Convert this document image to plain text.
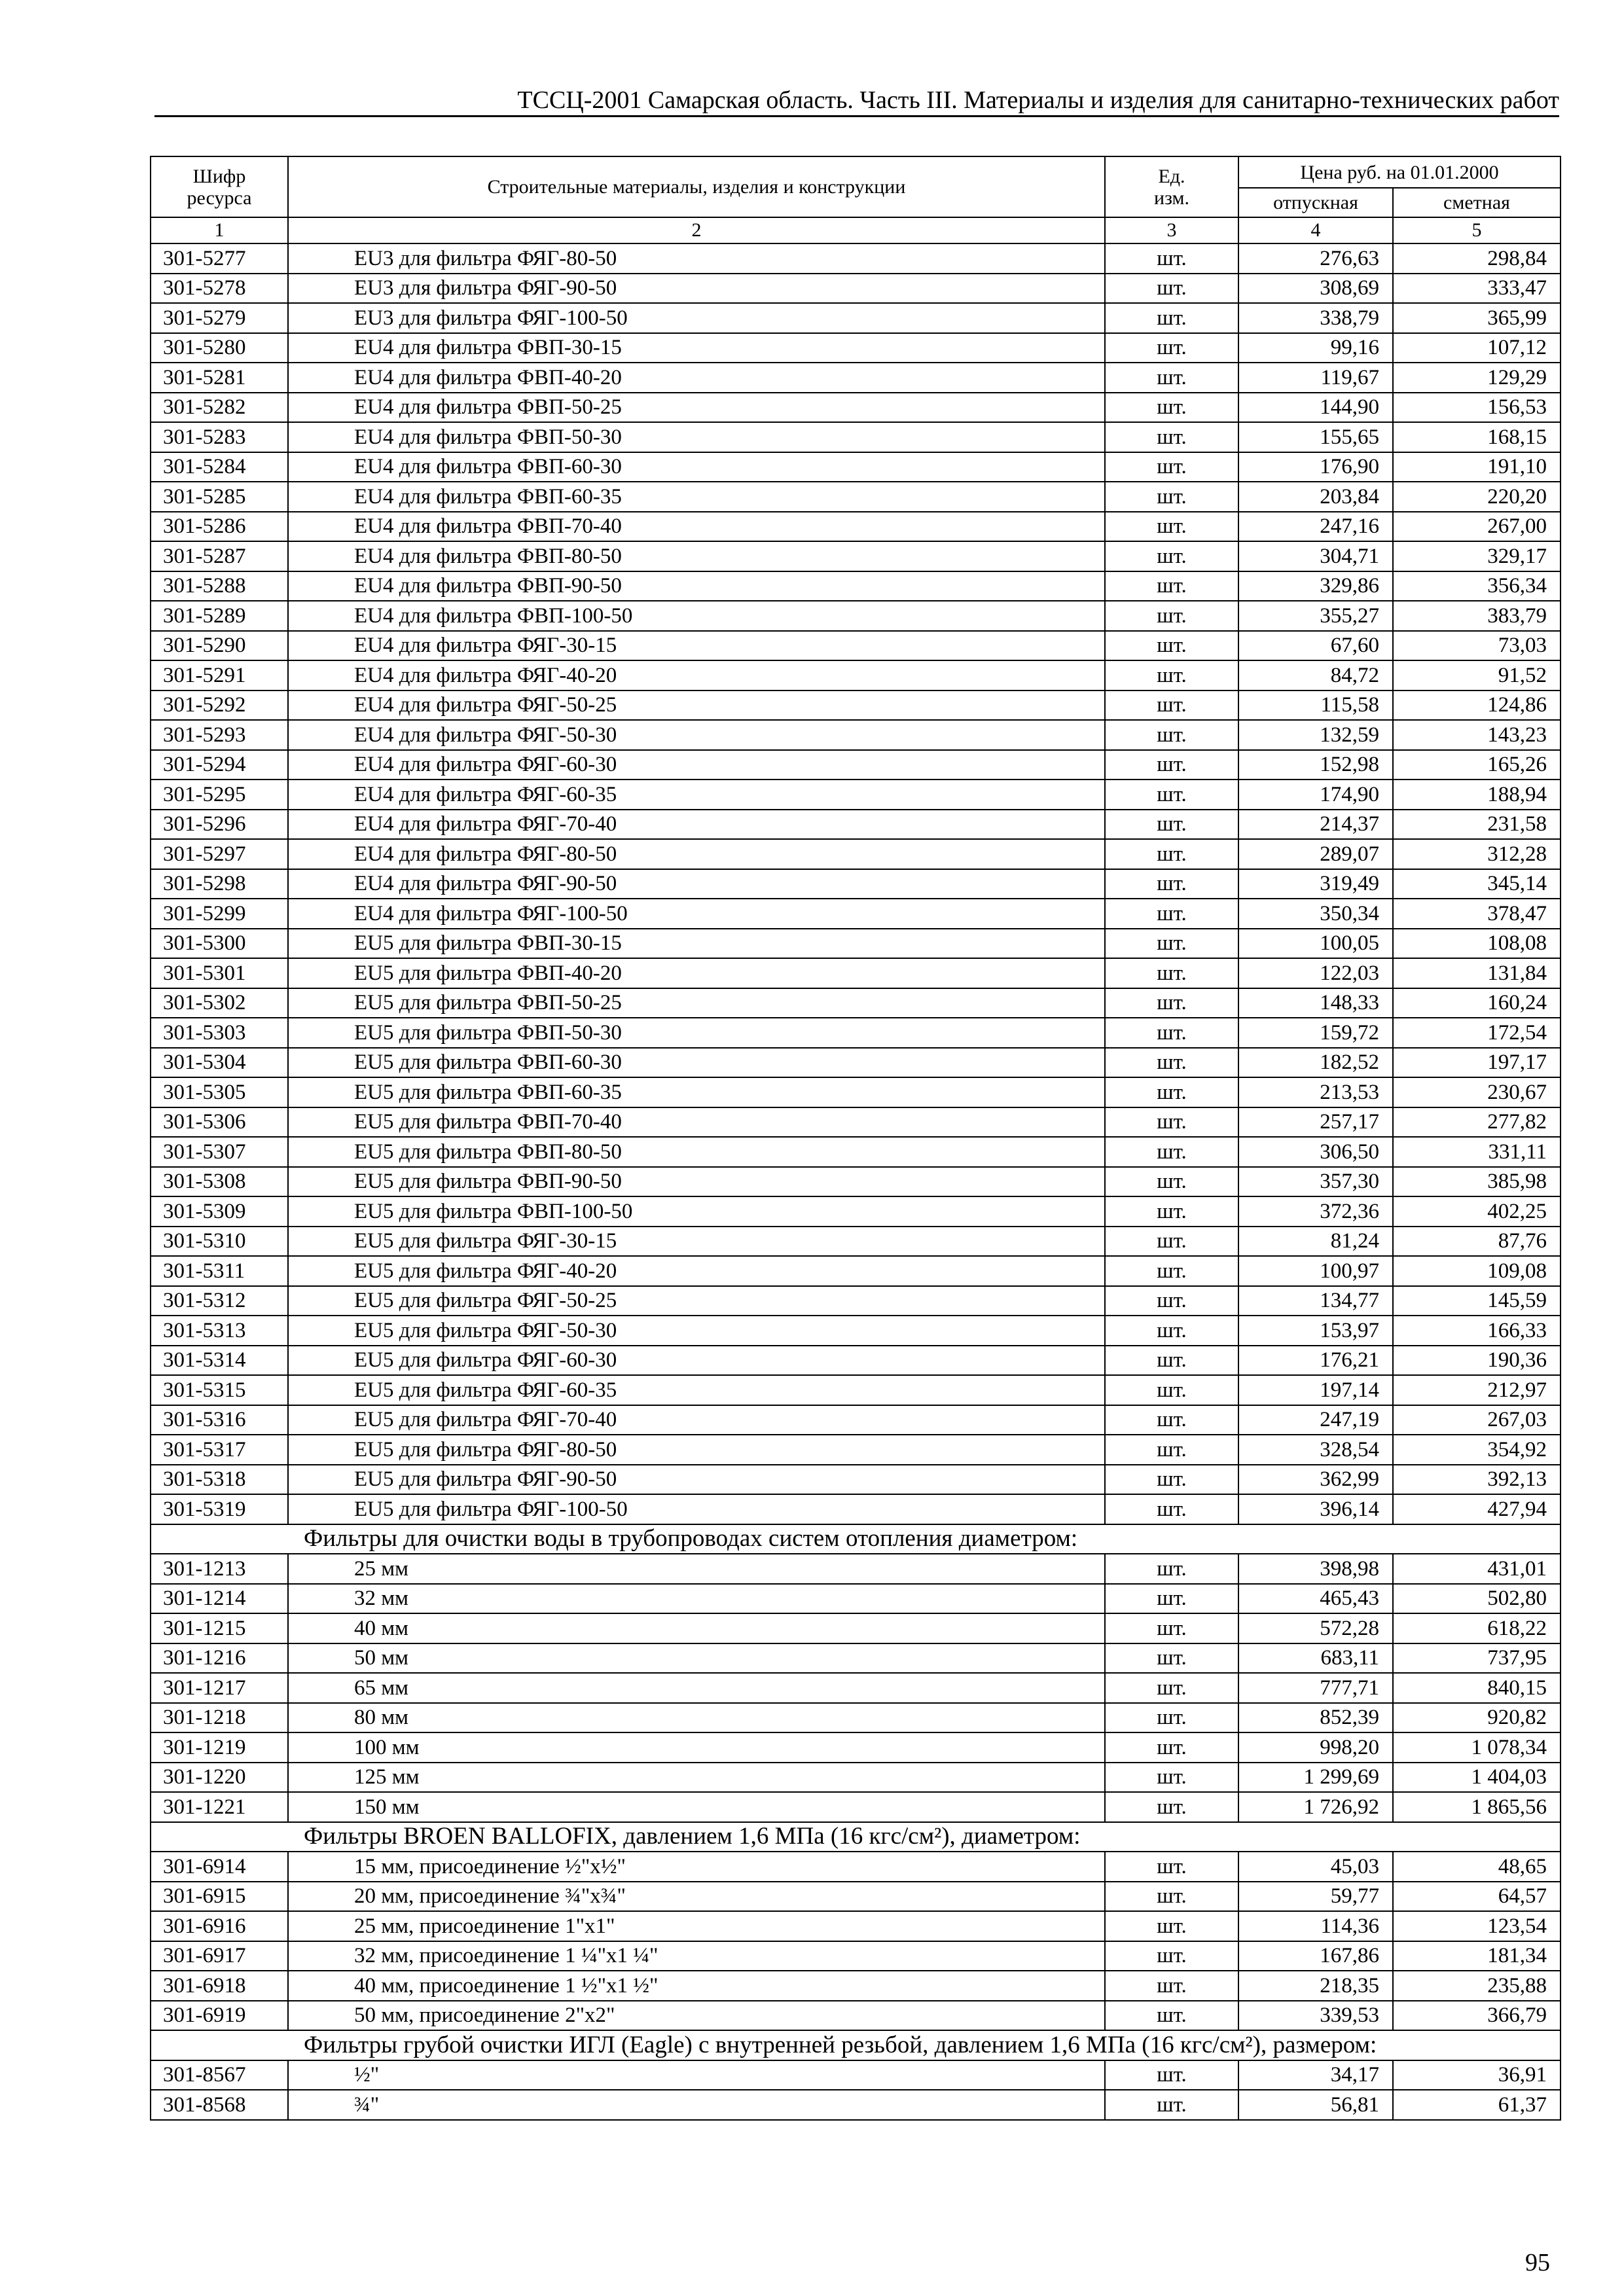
ТССЦ-2001 Самарская область. Часть III. Материалы и изделия для санитарно-технических работ
Шифр
ресурса	Строительные материалы, изделия и конструкции	Ед.
изм.	Цена руб. на 01.01.2000	
			отпускная	сметная
1	2	3	4	5
301-5277	EU3 для фильтра ФЯГ-80-50	шт.	276,63	298,84
301-5278	EU3 для фильтра ФЯГ-90-50	шт.	308,69	333,47
301-5279	EU3 для фильтра ФЯГ-100-50	шт.	338,79	365,99
301-5280	EU4 для фильтра ФВП-30-15	шт.	99,16	107,12
301-5281	EU4 для фильтра ФВП-40-20	шт.	119,67	129,29
301-5282	EU4 для фильтра ФВП-50-25	шт.	144,90	156,53
301-5283	EU4 для фильтра ФВП-50-30	шт.	155,65	168,15
301-5284	EU4 для фильтра ФВП-60-30	шт.	176,90	191,10
301-5285	EU4 для фильтра ФВП-60-35	шт.	203,84	220,20
301-5286	EU4 для фильтра ФВП-70-40	шт.	247,16	267,00
301-5287	EU4 для фильтра ФВП-80-50	шт.	304,71	329,17
301-5288	EU4 для фильтра ФВП-90-50	шт.	329,86	356,34
301-5289	EU4 для фильтра ФВП-100-50	шт.	355,27	383,79
301-5290	EU4 для фильтра ФЯГ-30-15	шт.	67,60	73,03
301-5291	EU4 для фильтра ФЯГ-40-20	шт.	84,72	91,52
301-5292	EU4 для фильтра ФЯГ-50-25	шт.	115,58	124,86
301-5293	EU4 для фильтра ФЯГ-50-30	шт.	132,59	143,23
301-5294	EU4 для фильтра ФЯГ-60-30	шт.	152,98	165,26
301-5295	EU4 для фильтра ФЯГ-60-35	шт.	174,90	188,94
301-5296	EU4 для фильтра ФЯГ-70-40	шт.	214,37	231,58
301-5297	EU4 для фильтра ФЯГ-80-50	шт.	289,07	312,28
301-5298	EU4 для фильтра ФЯГ-90-50	шт.	319,49	345,14
301-5299	EU4 для фильтра ФЯГ-100-50	шт.	350,34	378,47
301-5300	EU5 для фильтра ФВП-30-15	шт.	100,05	108,08
301-5301	EU5 для фильтра ФВП-40-20	шт.	122,03	131,84
301-5302	EU5 для фильтра ФВП-50-25	шт.	148,33	160,24
301-5303	EU5 для фильтра ФВП-50-30	шт.	159,72	172,54
301-5304	EU5 для фильтра ФВП-60-30	шт.	182,52	197,17
301-5305	EU5 для фильтра ФВП-60-35	шт.	213,53	230,67
301-5306	EU5 для фильтра ФВП-70-40	шт.	257,17	277,82
301-5307	EU5 для фильтра ФВП-80-50	шт.	306,50	331,11
301-5308	EU5 для фильтра ФВП-90-50	шт.	357,30	385,98
301-5309	EU5 для фильтра ФВП-100-50	шт.	372,36	402,25
301-5310	EU5 для фильтра ФЯГ-30-15	шт.	81,24	87,76
301-5311	EU5 для фильтра ФЯГ-40-20	шт.	100,97	109,08
301-5312	EU5 для фильтра ФЯГ-50-25	шт.	134,77	145,59
301-5313	EU5 для фильтра ФЯГ-50-30	шт.	153,97	166,33
301-5314	EU5 для фильтра ФЯГ-60-30	шт.	176,21	190,36
301-5315	EU5 для фильтра ФЯГ-60-35	шт.	197,14	212,97
301-5316	EU5 для фильтра ФЯГ-70-40	шт.	247,19	267,03
301-5317	EU5 для фильтра ФЯГ-80-50	шт.	328,54	354,92
301-5318	EU5 для фильтра ФЯГ-90-50	шт.	362,99	392,13
301-5319	EU5 для фильтра ФЯГ-100-50	шт.	396,14	427,94
Фильтры для очистки воды в трубопроводах систем отопления диаметром:				
301-1213	25 мм	шт.	398,98	431,01
301-1214	32 мм	шт.	465,43	502,80
301-1215	40 мм	шт.	572,28	618,22
301-1216	50 мм	шт.	683,11	737,95
301-1217	65 мм	шт.	777,71	840,15
301-1218	80 мм	шт.	852,39	920,82
301-1219	100 мм	шт.	998,20	1 078,34
301-1220	125 мм	шт.	1 299,69	1 404,03
301-1221	150 мм	шт.	1 726,92	1 865,56
Фильтры BROEN BALLOFIX, давлением 1,6 МПа (16 кгс/см²), диаметром:				
301-6914	15 мм, присоединение ½"х½"	шт.	45,03	48,65
301-6915	20 мм, присоединение ¾"х¾"	шт.	59,77	64,57
301-6916	25 мм, присоединение 1"х1"	шт.	114,36	123,54
301-6917	32 мм, присоединение 1 ¼"х1 ¼"	шт.	167,86	181,34
301-6918	40 мм, присоединение 1 ½"х1 ½"	шт.	218,35	235,88
301-6919	50 мм, присоединение 2"х2"	шт.	339,53	366,79
Фильтры грубой очистки ИГЛ (Eagle) с внутренней резьбой, давлением 1,6 МПа (16 кгс/см²), размером:				
301-8567	½"	шт.	34,17	36,91
301-8568	¾"	шт.	56,81	61,37
95
